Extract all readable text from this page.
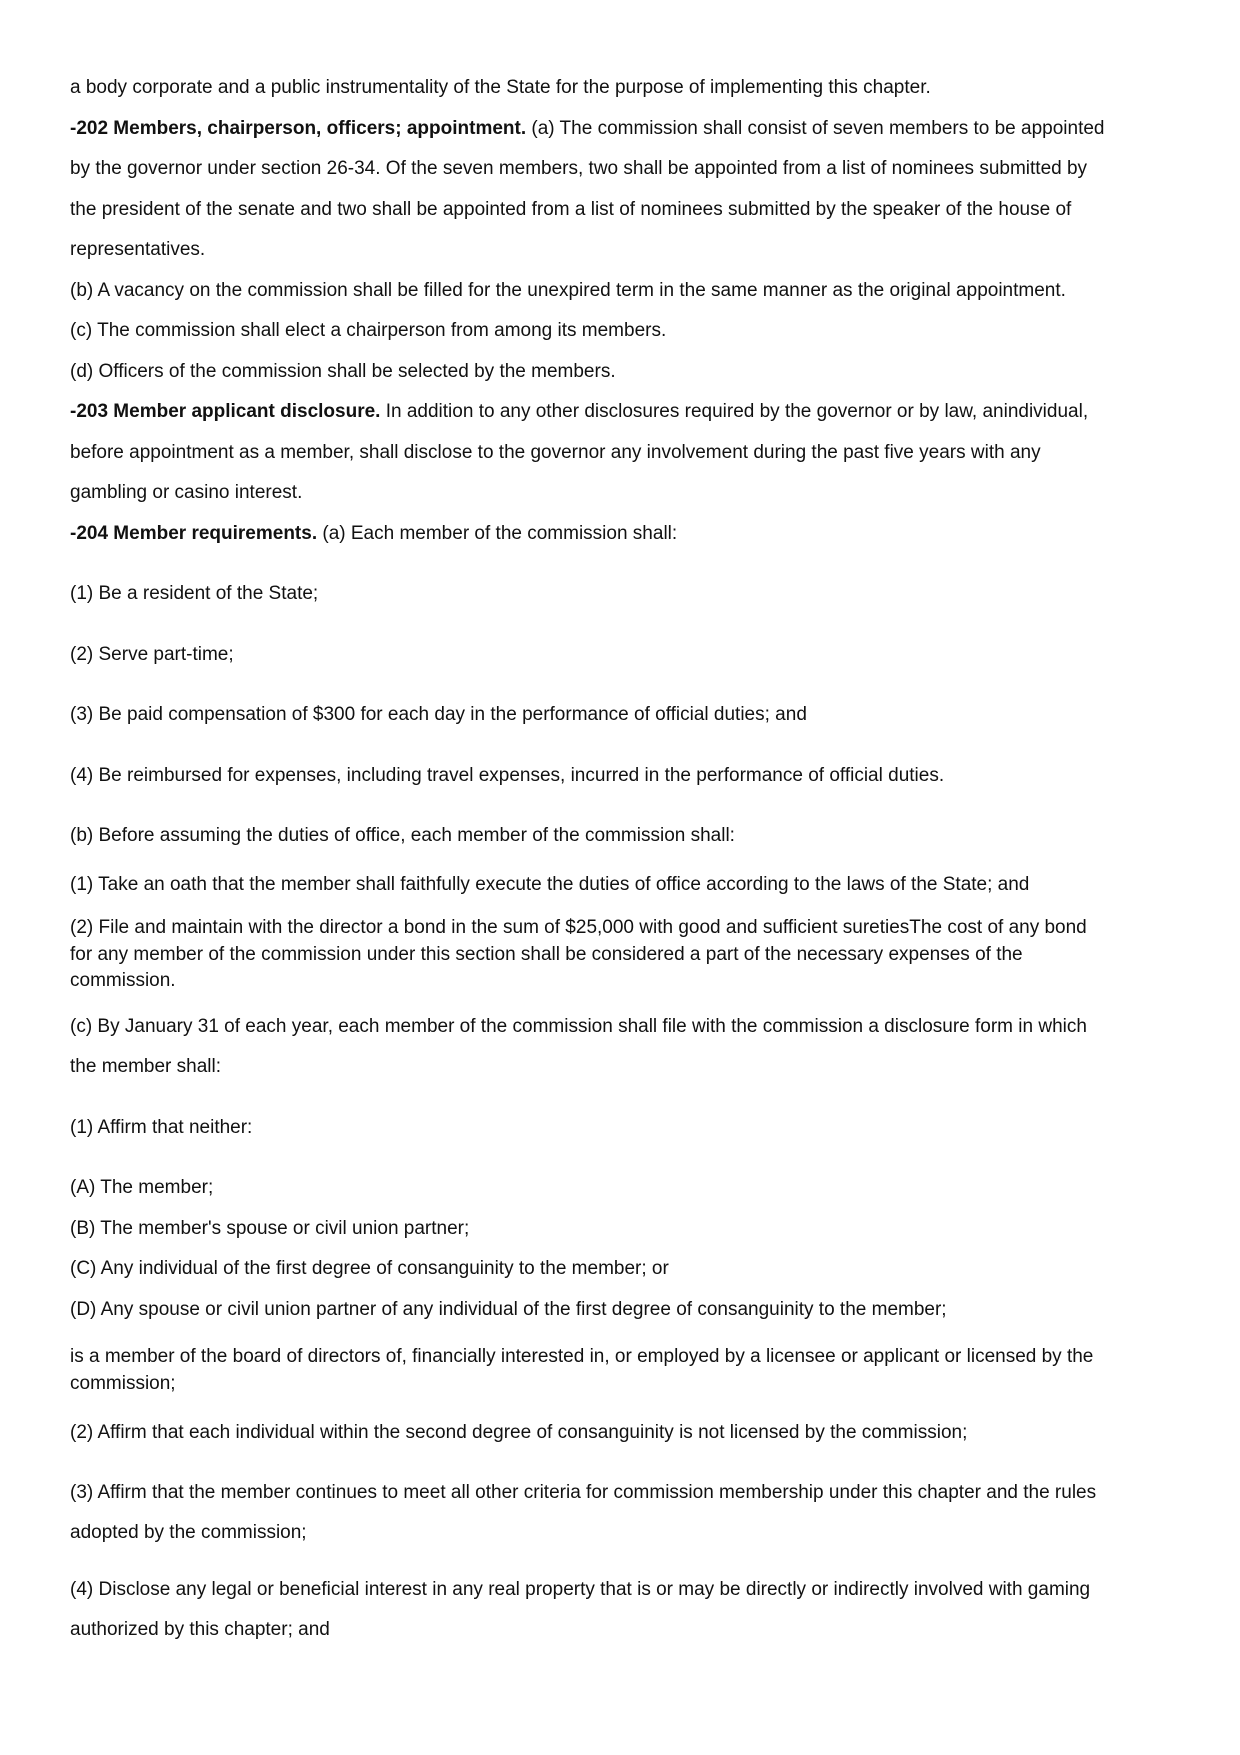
a body corporate and a public instrumentality of the State for the purpose of implementing this chapter.

-202 Members, chairperson, officers; appointment. (a) The commission shall consist of seven members to be appointed

by the governor under section 26-34. Of the seven members, two shall be appointed from a list of nominees submitted by

the president of the senate and two shall be appointed from a list of nominees submitted by the speaker of the house of

representatives.

(b) A vacancy on the commission shall be filled for the unexpired term in the same manner as the original appointment.

(c) The commission shall elect a chairperson from among its members.

(d) Officers of the commission shall be selected by the members.

-203 Member applicant disclosure. In addition to any other disclosures required by the governor or by law, anindividual,

before appointment as a member, shall disclose to the governor any involvement during the past five years with any

gambling or casino interest.

-204 Member requirements. (a) Each member of the commission shall:

(1) Be a resident of the State;

(2) Serve part-time;

(3) Be paid compensation of $300 for each day in the performance of official duties; and

(4) Be reimbursed for expenses, including travel expenses, incurred in the performance of official duties.

(b) Before assuming the duties of office, each member of the commission shall:

(1) Take an oath that the member shall faithfully execute the duties of office according to the laws of the State; and

(2) File and maintain with the director a bond in the sum of $25,000 with good and sufficient suretiesThe cost of any bond

for any member of the commission under this section shall be considered a part of the necessary expenses of the

commission.

(c) By January 31 of each year, each member of the commission shall file with the commission a disclosure form in which

the member shall:

(1) Affirm that neither:

(A) The member;

(B) The member's spouse or civil union partner;

(C) Any individual of the first degree of consanguinity to the member; or

(D) Any spouse or civil union partner of any individual of the first degree of consanguinity to the member;

is a member of the board of directors of, financially interested in, or employed by a licensee or applicant or licensed by the

commission;

(2) Affirm that each individual within the second degree of consanguinity is not licensed by the commission;

(3) Affirm that the member continues to meet all other criteria for commission membership under this chapter and the rules

adopted by the commission;

(4) Disclose any legal or beneficial interest in any real property that is or may be directly or indirectly involved with gaming

authorized by this chapter; and
